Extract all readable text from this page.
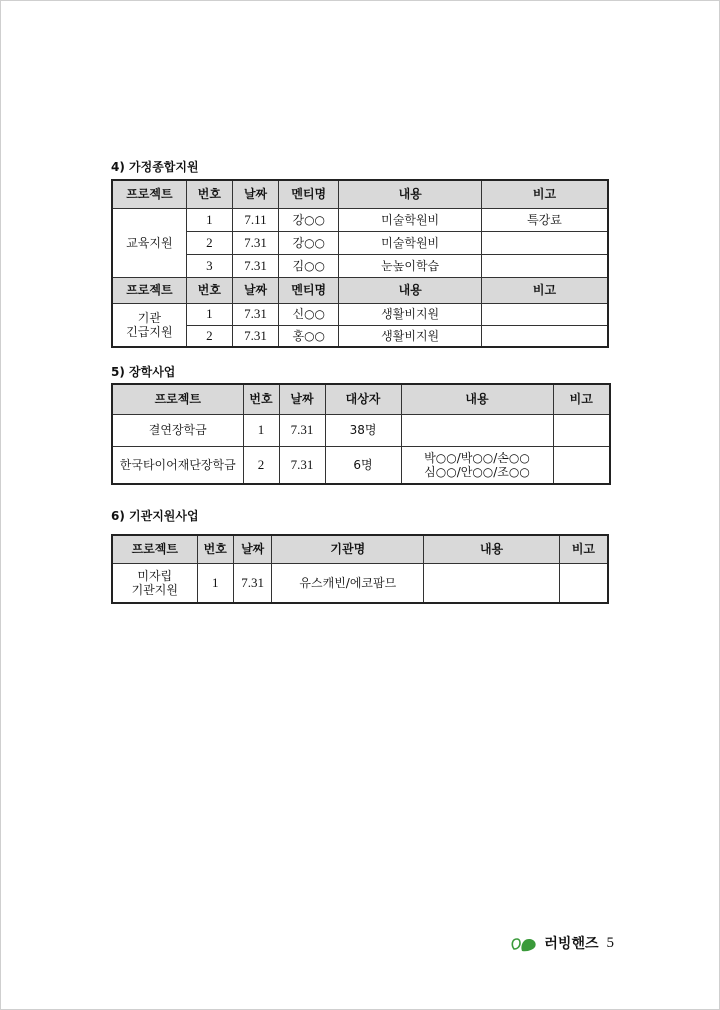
4) 가정종합지원
프로젝트	번호	날짜	멘티명	내용	비고
교육지원	1	7.11	강○○	미술학원비	특강료
	2	7.31	강○○	미술학원비	
	3	7.31	김○○	눈높이학습	
프로젝트	번호	날짜	멘티명	내용	비고

기관
긴급지원	1	7.31	신○○	생활비지원	
	2	7.31	홍○○	생활비지원	
5) 장학사업
프로젝트	번호	날짜	대상자	내용	비고
결연장학금	1	7.31	38명		
한국타이어재단장학금	2	7.31	6명	박○○/박○○/손○○
심○○/안○○/조○○	

6) 기관지원사업
프로젝트	번호	날짜	기관명	내용	비고

미자립
기관지원	1	7.31	유스캐빈/에코팜므		
러빙핸즈 5
